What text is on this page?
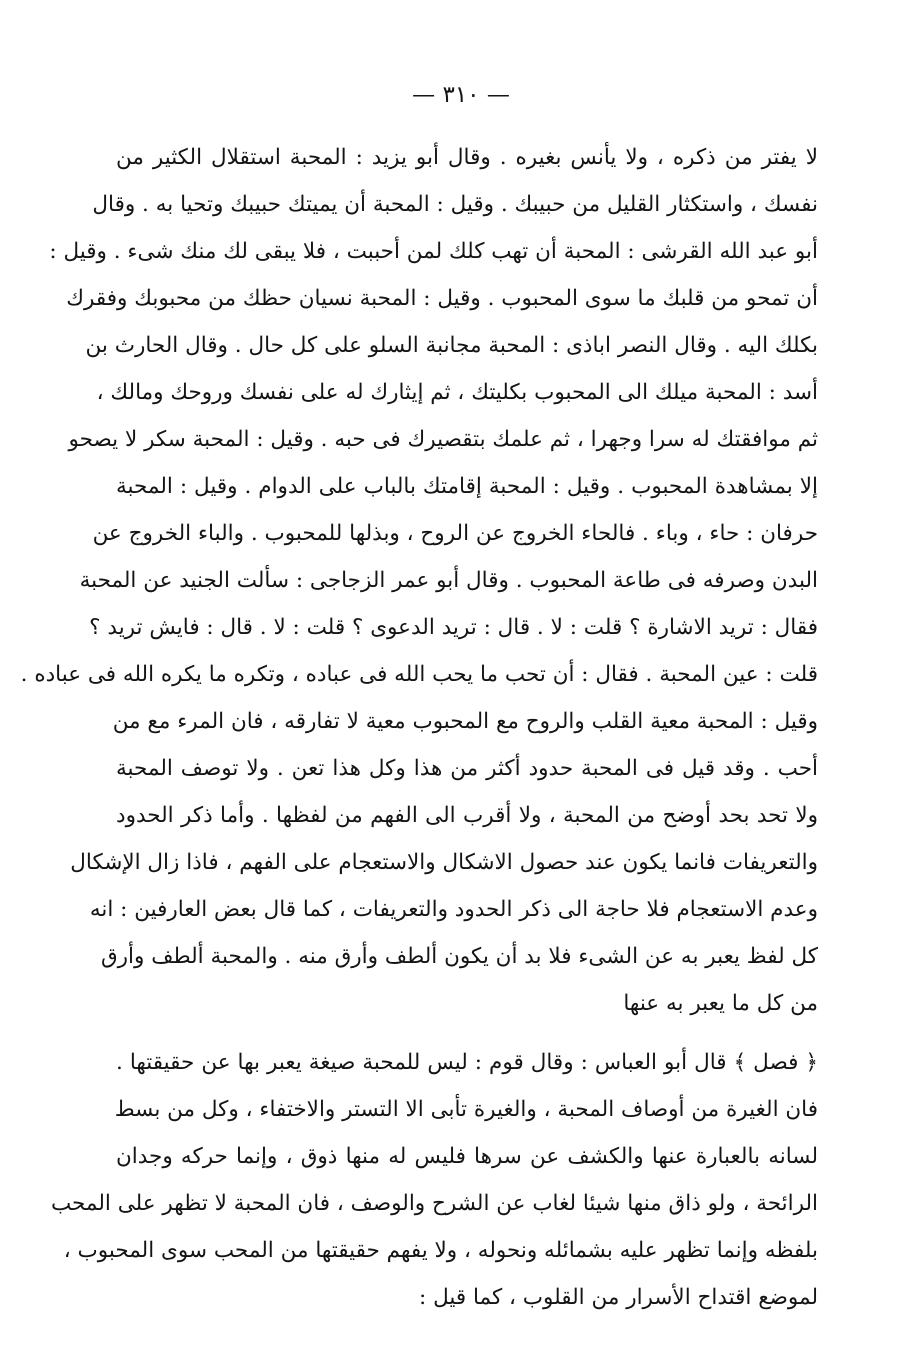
— ٣١٠ —
لا يفتر من ذكره ، ولا يأنس بغيره . وقال أبو يزيد : المحبة استقلال الكثير من
نفسك ، واستكثار القليل من حبيبك . وقيل : المحبة أن يميتك حبيبك وتحيا به . وقال
أبو عبد الله القرشى : المحبة أن تهب كلك لمن أحببت ، فلا يبقى لك منك شىء . وقيل :
أن تمحو من قلبك ما سوى المحبوب . وقيل : المحبة نسيان حظك من محبوبك وفقرك
بكلك اليه . وقال النصر اباذى : المحبة مجانبة السلو على كل حال . وقال الحارث بن
أسد : المحبة ميلك الى المحبوب بكليتك ، ثم إيثارك له على نفسك وروحك ومالك ،
ثم موافقتك له سرا وجهرا ، ثم علمك بتقصيرك فى حبه . وقيل : المحبة سكر لا يصحو
إلا بمشاهدة المحبوب . وقيل : المحبة إقامتك بالباب على الدوام . وقيل : المحبة
حرفان : حاء ، وباء . فالحاء الخروج عن الروح ، وبذلها للمحبوب . والباء الخروج عن
البدن وصرفه فى طاعة المحبوب . وقال أبو عمر الزجاجى : سألت الجنيد عن المحبة
فقال : تريد الاشارة ؟ قلت : لا . قال : تريد الدعوى ؟ قلت : لا . قال : فايش تريد ؟
قلت : عين المحبة . فقال : أن تحب ما يحب الله فى عباده ، وتكره ما يكره الله فى عباده .
وقيل : المحبة معية القلب والروح مع المحبوب معية لا تفارقه ، فان المرء مع من
أحب . وقد قيل فى المحبة حدود أكثر من هذا وكل هذا تعن . ولا توصف المحبة
ولا تحد بحد أوضح من المحبة ، ولا أقرب الى الفهم من لفظها . وأما ذكر الحدود
والتعريفات فانما يكون عند حصول الاشكال والاستعجام على الفهم ، فاذا زال الإشكال
وعدم الاستعجام فلا حاجة الى ذكر الحدود والتعريفات ، كما قال بعض العارفين : انه
كل لفظ يعبر به عن الشىء فلا بد أن يكون ألطف وأرق منه . والمحبة ألطف وأرق
من كل ما يعبر به عنها
﴿ فصل ﴾ قال أبو العباس : وقال قوم : ليس للمحبة صيغة يعبر بها عن حقيقتها .
فان الغيرة من أوصاف المحبة ، والغيرة تأبى الا التستر والاختفاء ، وكل من بسط
لسانه بالعبارة عنها والكشف عن سرها فليس له منها ذوق ، وإنما حركه وجدان
الرائحة ، ولو ذاق منها شيئا لغاب عن الشرح والوصف ، فان المحبة لا تظهر على المحب
بلفظه وإنما تظهر عليه بشمائله ونحوله ، ولا يفهم حقيقتها من المحب سوى المحبوب ،
لموضع اقتداح الأسرار من القلوب ، كما قيل :
